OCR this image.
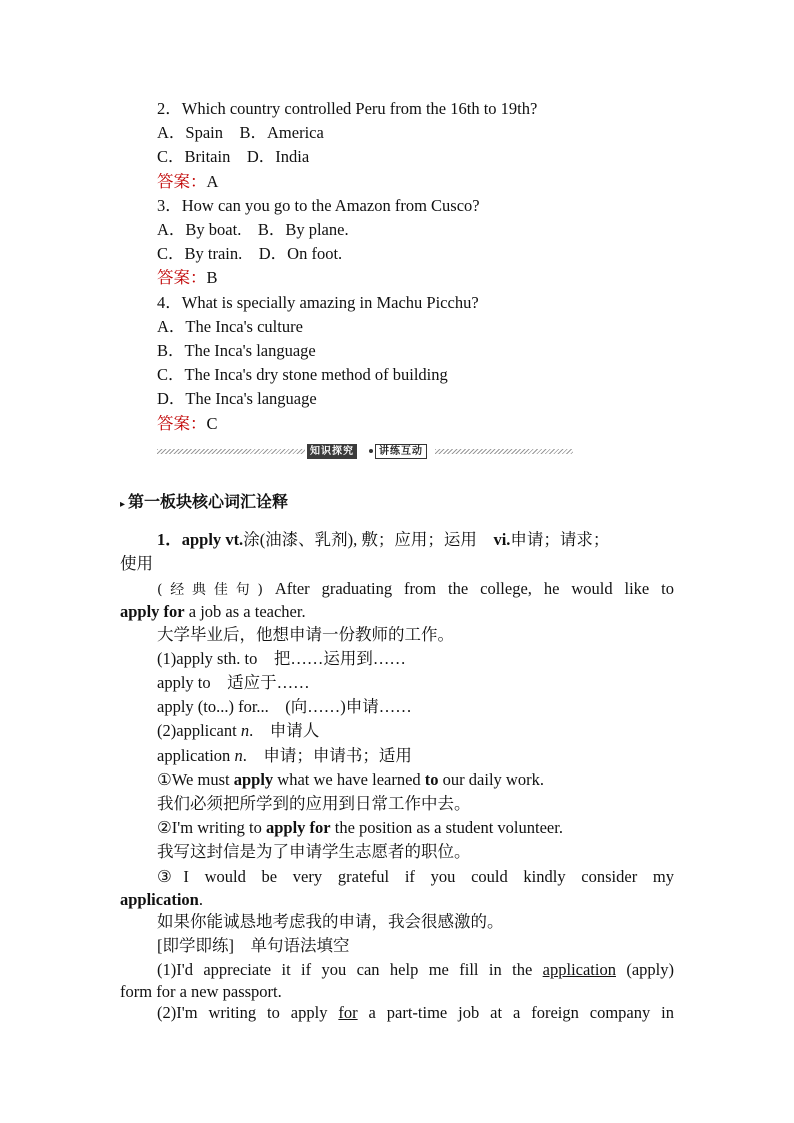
2．Which country controlled Peru from the 16th to 19th?
A．Spain　B．America
C．Britain　D．India
答案：A
3．How can you go to the Amazon from Cusco?
A．By boat.　B．By plane.
C．By train.　D．On foot.
答案：B
4．What is specially amazing in Machu Picchu?
A．The Inca's culture
B．The Inca's language
C．The Inca's dry stone method of building
D．The Inca's language
答案：C
知识探究	讲练互动
▸ 第一板块核心词汇诠释
1．apply vt.涂(油漆、乳剂), 敷；应用；运用　vi.申请；请求；
使用
(经典佳句) After graduating from the college, he would like to
apply for a job as a teacher.
大学毕业后，他想申请一份教师的工作。
(1)apply sth. to　把……运用到……
apply to　适应于……
apply (to...) for...　(向……)申请……
(2)applicant n.　申请人
application n.　申请；申请书；适用
①We must apply what we have learned to our daily work.
我们必须把所学到的应用到日常工作中去。
②I'm writing to apply for the position as a student volunteer.
我写这封信是为了申请学生志愿者的职位。
③I would be very grateful if you could kindly consider my
application.
如果你能诚恳地考虑我的申请，我会很感激的。
[即学即练]　单句语法填空
(1)I'd appreciate it if you can help me fill in the application (apply)
form for a new passport.
(2)I'm writing to apply for a part-time job at a foreign company in
